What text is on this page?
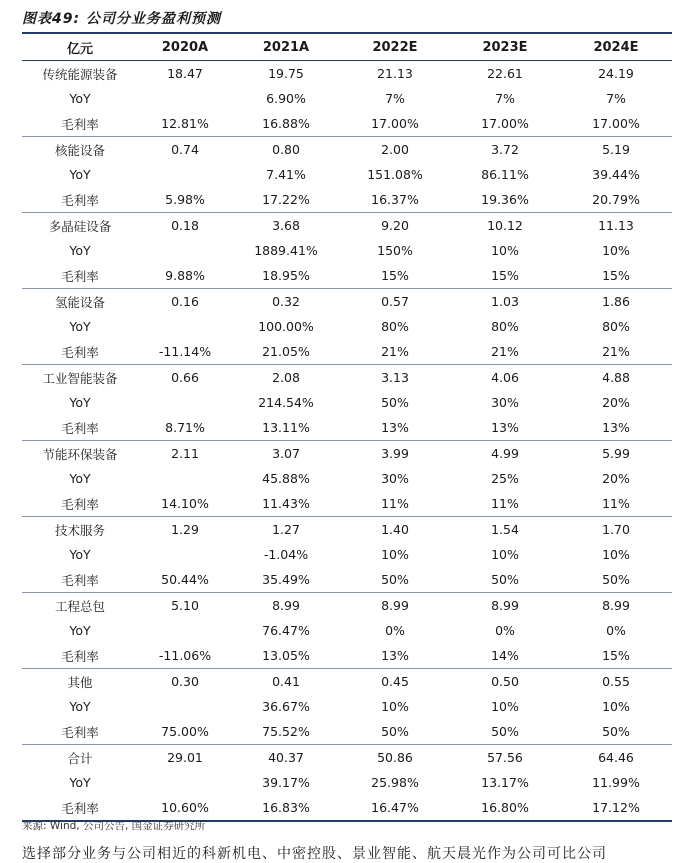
图表49: 公司分业务盈利预测
亿元	2020A	2021A	2022E	2023E	2024E
传统能源装备	18.47	19.75	21.13	22.61	24.19
YoY		6.90%	7%	7%	7%
毛利率	12.81%	16.88%	17.00%	17.00%	17.00%
核能设备	0.74	0.80	2.00	3.72	5.19
YoY		7.41%	151.08%	86.11%	39.44%
毛利率	5.98%	17.22%	16.37%	19.36%	20.79%
多晶硅设备	0.18	3.68	9.20	10.12	11.13
YoY		1889.41%	150%	10%	10%
毛利率	9.88%	18.95%	15%	15%	15%
氢能设备	0.16	0.32	0.57	1.03	1.86
YoY		100.00%	80%	80%	80%
毛利率	-11.14%	21.05%	21%	21%	21%
工业智能装备	0.66	2.08	3.13	4.06	4.88
YoY		214.54%	50%	30%	20%
毛利率	8.71%	13.11%	13%	13%	13%
节能环保装备	2.11	3.07	3.99	4.99	5.99
YoY		45.88%	30%	25%	20%
毛利率	14.10%	11.43%	11%	11%	11%
技术服务	1.29	1.27	1.40	1.54	1.70
YoY		-1.04%	10%	10%	10%
毛利率	50.44%	35.49%	50%	50%	50%
工程总包	5.10	8.99	8.99	8.99	8.99
YoY		76.47%	0%	0%	0%
毛利率	-11.06%	13.05%	13%	14%	15%
其他	0.30	0.41	0.45	0.50	0.55
YoY		36.67%	10%	10%	10%
毛利率	75.00%	75.52%	50%	50%	50%
合计	29.01	40.37	50.86	57.56	64.46
YoY		39.17%	25.98%	13.17%	11.99%
毛利率	10.60%	16.83%	16.47%	16.80%	17.12%
来源: Wind, 公司公告, 国金证券研究所
选择部分业务与公司相近的科新机电、中密控股、景业智能、航天晨光作为公司可比公司
